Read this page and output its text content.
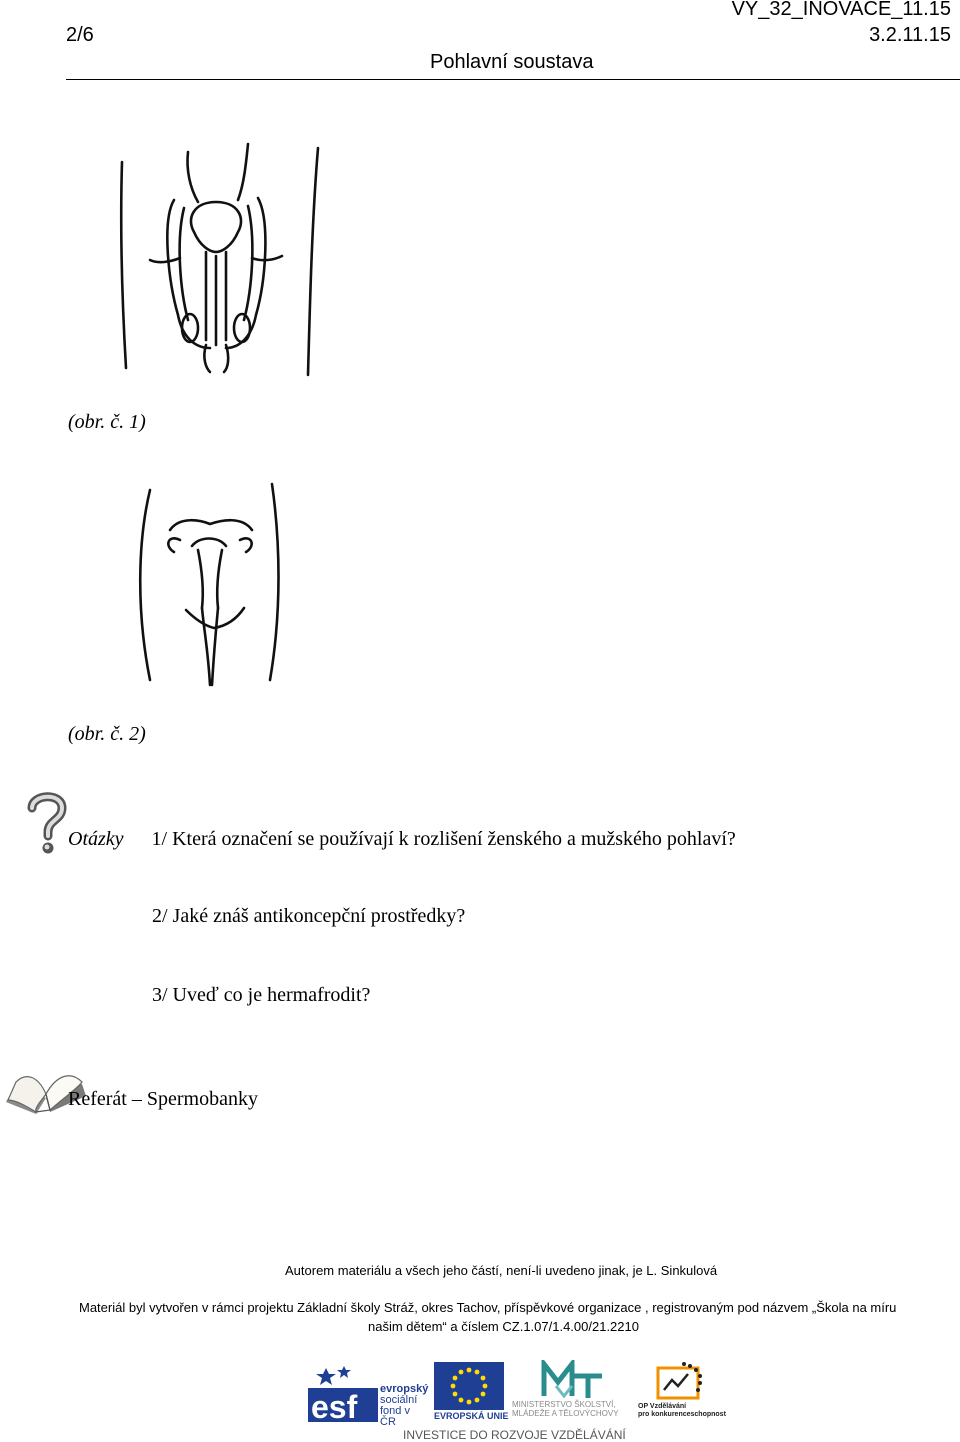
2/6
VY_32_INOVACE_11.15
3.2.11.15
Pohlavní soustava
(obr. č. 1)
(obr. č. 2)
Otázky 1/ Která označení se používají k rozlišení ženského a mužského pohlaví?
2/ Jaké znáš antikoncepční prostředky?
3/ Uveď co je hermafrodit?
Referát – Spermobanky
Autorem materiálu a všech jeho částí, není-li uvedeno jinak, je L. Sinkulová
Materiál byl vytvořen v rámci projektu Základní školy Stráž, okres Tachov, příspěvkové organizace , registrovaným pod názvem „Škola na míru
našim dětem“ a číslem CZ.1.07/1.4.00/21.2210
esf evropský
sociální
fond v ČR	EVROPSKÁ UNIE
MINISTERSTVO ŠKOLSTVÍ,
MLÁDEŽE A TĚLOVÝCHOVY
OP Vzdělávání
pro konkurenceschopnost
INVESTICE DO ROZVOJE VZDĚLÁVÁNÍ
